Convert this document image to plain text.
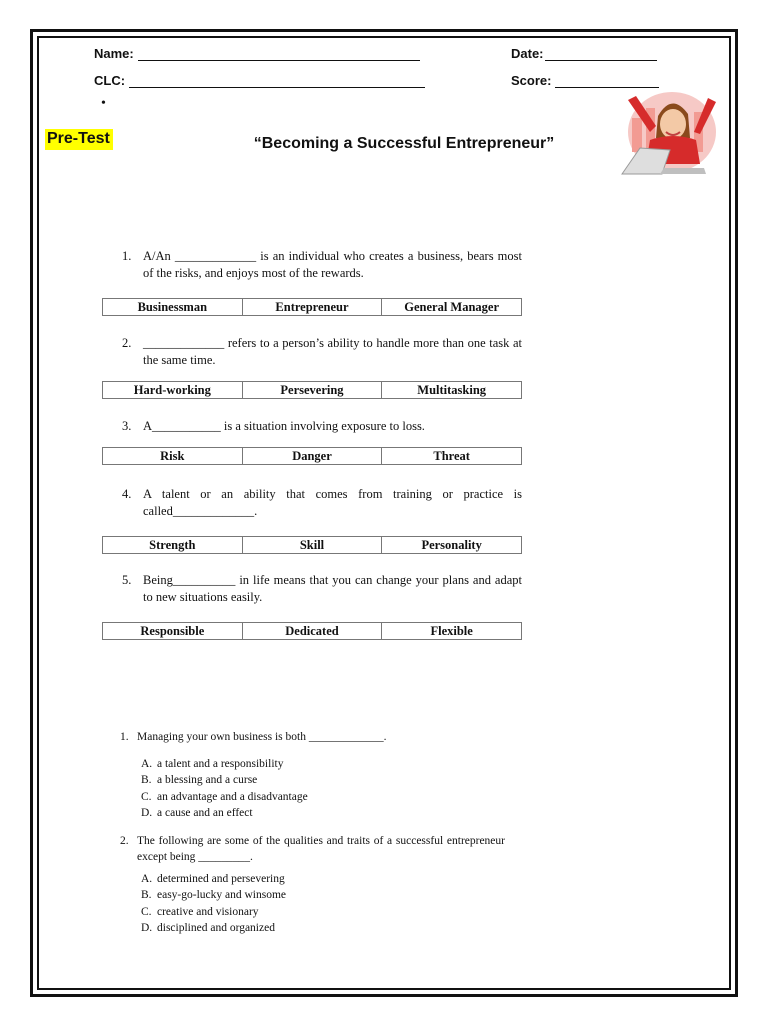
Name:	Date:
CLC:	Score:
•
Pre-Test	“Becoming a Successful Entrepreneur”
1. A/An _____________ is an individual who creates a business, bears most of the risks, and enjoys most of the rewards.
Businessman	Entrepreneur	General Manager
2. _____________ refers to a person’s ability to handle more than one task at the same time.
Hard-working	Persevering	Multitasking
3. A___________ is a situation involving exposure to loss.
Risk	Danger	Threat
4. A talent or an ability that comes from training or practice is called_____________.
Strength	Skill	Personality
5. Being__________ in life means that you can change your plans and adapt to new situations easily.
Responsible	Dedicated	Flexible
1. Managing your own business is both _____________.
A. a talent and a responsibility
B. a blessing and a curse
C. an advantage and a disadvantage
D. a cause and an effect
2. The following are some of the qualities and traits of a successful entrepreneur except being _________.
A. determined and persevering
B. easy-go-lucky and winsome
C. creative and visionary
D. disciplined and organized
